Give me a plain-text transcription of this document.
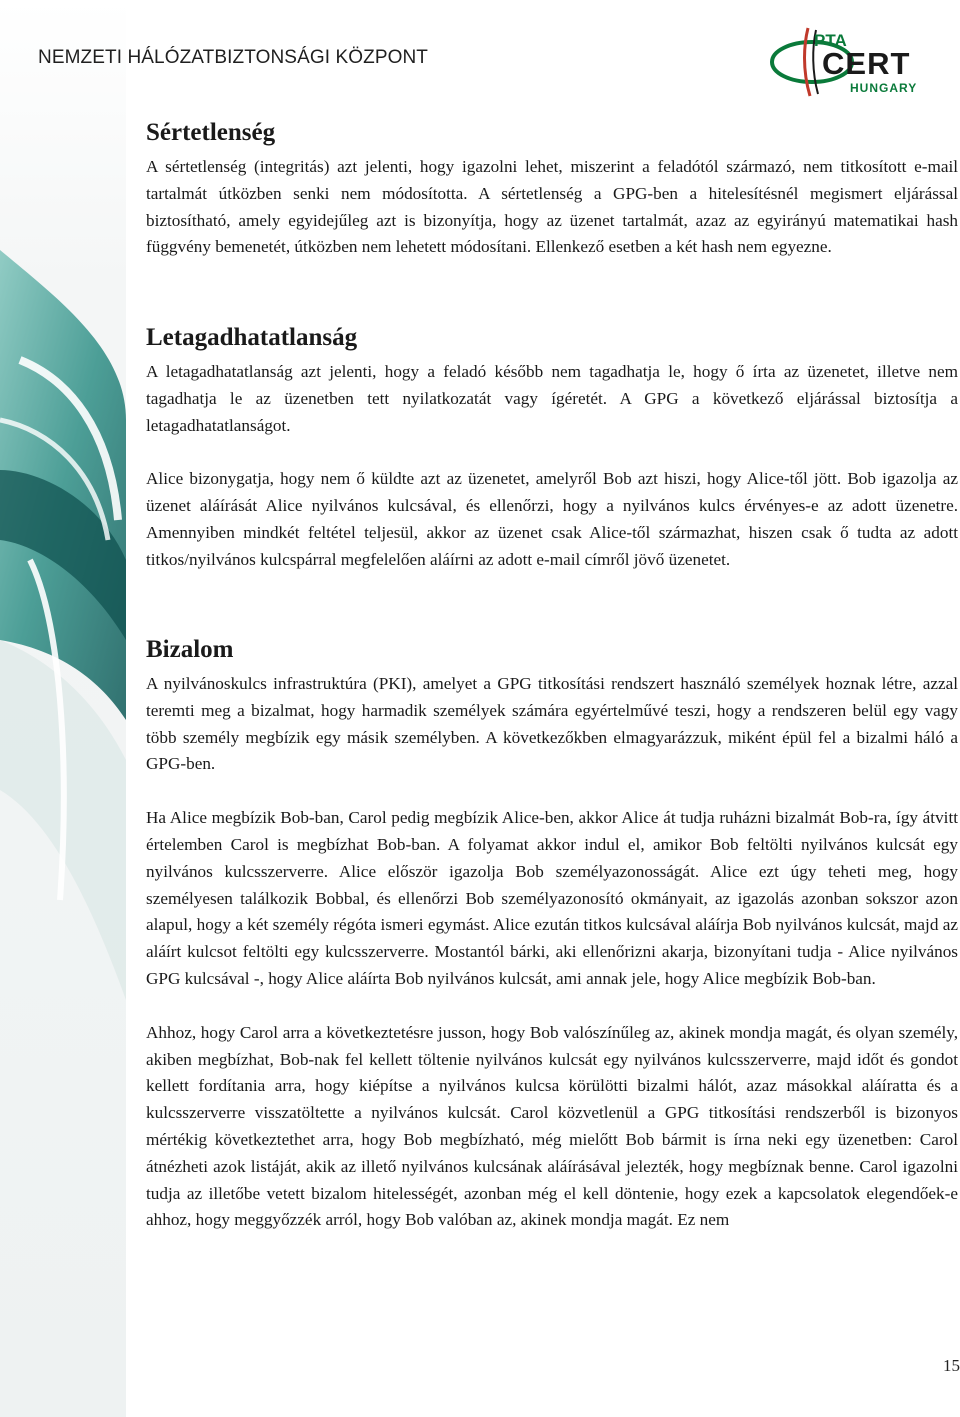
NEMZETI HÁLÓZATBIZTONSÁGI KÖZPONT
PTA
CERT
HUNGARY
Sértetlenség

A sértetlenség (integritás) azt jelenti, hogy igazolni lehet, miszerint a feladótól származó, nem titkosított e-mail tartalmát útközben senki nem módosította. A sértetlenség a GPG-ben a hitelesítésnél megismert eljárással biztosítható, amely egyidejűleg azt is bizonyítja, hogy az üzenet tartalmát, azaz az egyirányú matematikai hash függvény bemenetét, útközben nem lehetett módosítani. Ellenkező esetben a két hash nem egyezne.

Letagadhatatlanság

A letagadhatatlanság azt jelenti, hogy a feladó később nem tagadhatja le, hogy ő írta az üzenetet, illetve nem tagadhatja le az üzenetben tett nyilatkozatát vagy ígéretét. A GPG a következő eljárással biztosítja a letagadhatatlanságot.

Alice bizonygatja, hogy nem ő küldte azt az üzenetet, amelyről Bob azt hiszi, hogy Alice-től jött. Bob igazolja az üzenet aláírását Alice nyilvános kulcsával, és ellenőrzi, hogy a nyilvános kulcs érvényes-e az adott üzenetre. Amennyiben mindkét feltétel teljesül, akkor az üzenet csak Alice-től származhat, hiszen csak ő tudta az adott titkos/nyilvános kulcspárral megfelelően aláírni az adott e-mail címről jövő üzenetet.

Bizalom

A nyilvánoskulcs infrastruktúra (PKI), amelyet a GPG titkosítási rendszert használó személyek hoznak létre, azzal teremti meg a bizalmat, hogy harmadik személyek számára egyértelművé teszi, hogy a rendszeren belül egy vagy több személy megbízik egy másik személyben. A következőkben elmagyarázzuk, miként épül fel a bizalmi háló a GPG-ben.

Ha Alice megbízik Bob-ban, Carol pedig megbízik Alice-ben, akkor Alice át tudja ruházni bizalmát Bob-ra, így átvitt értelemben Carol is megbízhat Bob-ban. A folyamat akkor indul el, amikor Bob feltölti nyilvános kulcsát egy nyilvános kulcsszerverre. Alice először igazolja Bob személyazonosságát. Alice ezt úgy teheti meg, hogy személyesen találkozik Bobbal, és ellenőrzi Bob személyazonosító okmányait, az igazolás azonban sokszor azon alapul, hogy a két személy régóta ismeri egymást. Alice ezután titkos kulcsával aláírja Bob nyilvános kulcsát, majd az aláírt kulcsot feltölti egy kulcsszerverre. Mostantól bárki, aki ellenőrizni akarja, bizonyítani tudja - Alice nyilvános GPG kulcsával -, hogy Alice aláírta Bob nyilvános kulcsát, ami annak jele, hogy Alice megbízik Bob-ban.

Ahhoz, hogy Carol arra a következtetésre jusson, hogy Bob valószínűleg az, akinek mondja magát, és olyan személy, akiben megbízhat, Bob-nak fel kellett töltenie nyilvános kulcsát egy nyilvános kulcsszerverre, majd időt és gondot kellett fordítania arra, hogy kiépítse a nyilvános kulcsa körülötti bizalmi hálót, azaz másokkal aláíratta és a kulcsszerverre visszatöltette a nyilvános kulcsát. Carol közvetlenül a GPG titkosítási rendszerből is bizonyos mértékig következtethet arra, hogy Bob megbízható, még mielőtt Bob bármit is írna neki egy üzenetben: Carol átnézheti azok listáját, akik az illető nyilvános kulcsának aláírásával jelezték, hogy megbíznak benne. Carol igazolni tudja az illetőbe vetett bizalom hitelességét, azonban még el kell döntenie, hogy ezek a kapcsolatok elegendőek-e ahhoz, hogy meggyőzzék arról, hogy Bob valóban az, akinek mondja magát. Ez nem

15
